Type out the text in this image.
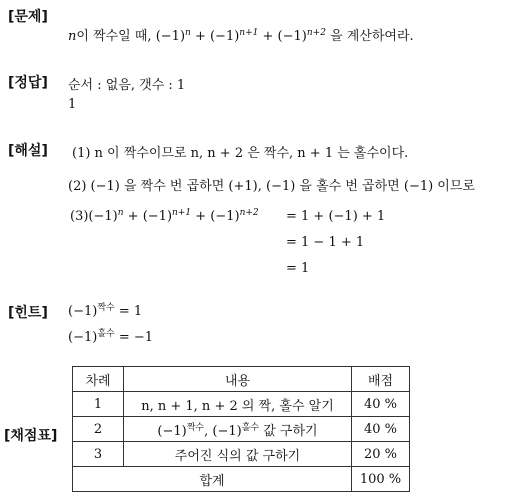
[문제]
n이 짝수일 때, $(-1)^n + (-1)^{n+1} + (-1)^{n+2}$ 을 계산하여라.
[정답] 순서 : 없음, 갯수 : 1
1
[해설] (1) n 이 짝수이므로 n, n + 2 은 짝수, n + 1 는 홀수이다.
(2) (−1) 을 짝수 번 곱하면 (+1), (−1) 을 홀수 번 곱하면 (−1) 이므로
$(3)(-1)^n + (-1)^{n+1} + (-1)^{n+2} = 1 + (-1) + 1$
= 1 − 1 + 1
= 1
[힌트] $(-1)^{짝수} = 1$
$(-1)^{홀수} = -1$
[채점표]
차례	내용	배점
1	n, n + 1, n + 2 의 짝, 홀수 알기	40 %
2	$(-1)^{짝수}$, $(-1)^{홀수}$ 값 구하기	40 %
3	주어진 식의 값 구하기	20 %
합계		100 %
